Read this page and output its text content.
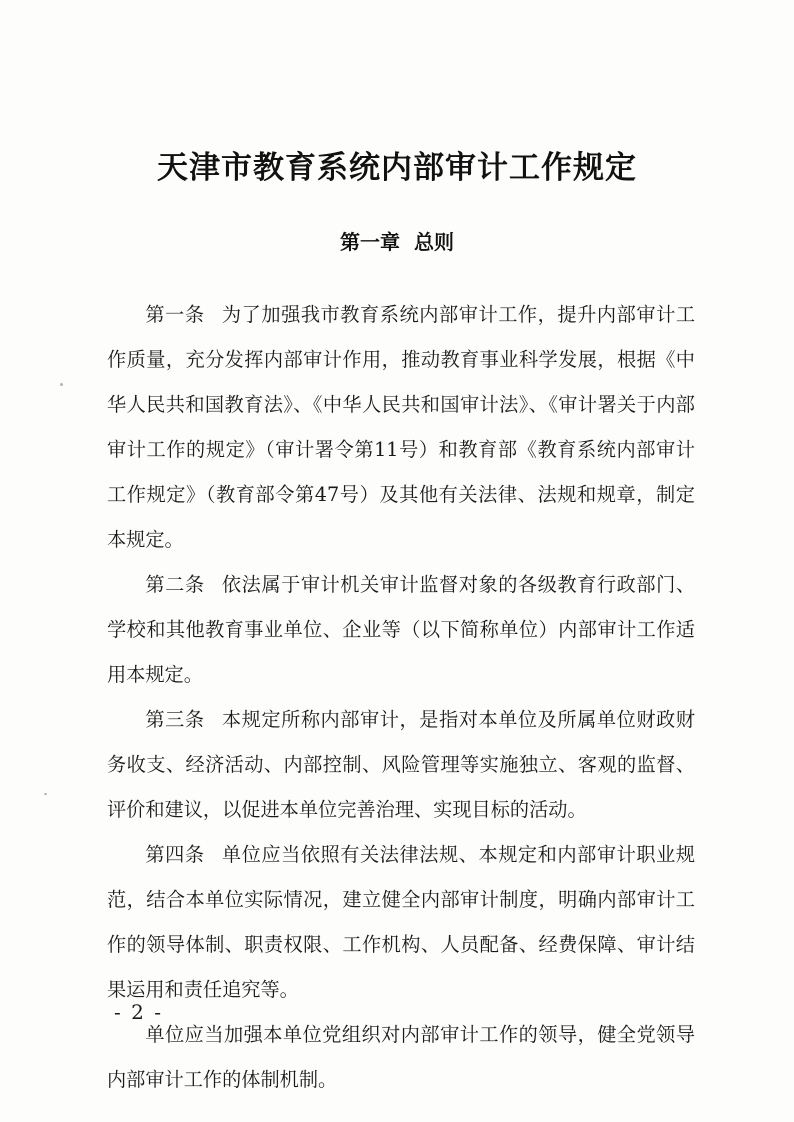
天津市教育系统内部审计工作规定
第一章  总则

第一条 为了加强我市教育系统内部审计工作，提升内部审计工作质量，充分发挥内部审计作用，推动教育事业科学发展，根据《中华人民共和国教育法》、《中华人民共和国审计法》、《审计署关于内部审计工作的规定》（审计署令第11号）和教育部《教育系统内部审计工作规定》（教育部令第47号）及其他有关法律、法规和规章，制定本规定。

第二条 依法属于审计机关审计监督对象的各级教育行政部门、学校和其他教育事业单位、企业等（以下简称单位）内部审计工作适用本规定。

第三条 本规定所称内部审计，是指对本单位及所属单位财政财务收支、经济活动、内部控制、风险管理等实施独立、客观的监督、评价和建议，以促进本单位完善治理、实现目标的活动。

第四条 单位应当依照有关法律法规、本规定和内部审计职业规范，结合本单位实际情况，建立健全内部审计制度，明确内部审计工作的领导体制、职责权限、工作机构、人员配备、经费保障、审计结果运用和责任追究等。

单位应当加强本单位党组织对内部审计工作的领导，健全党领导内部审计工作的体制机制。

- 2 -
